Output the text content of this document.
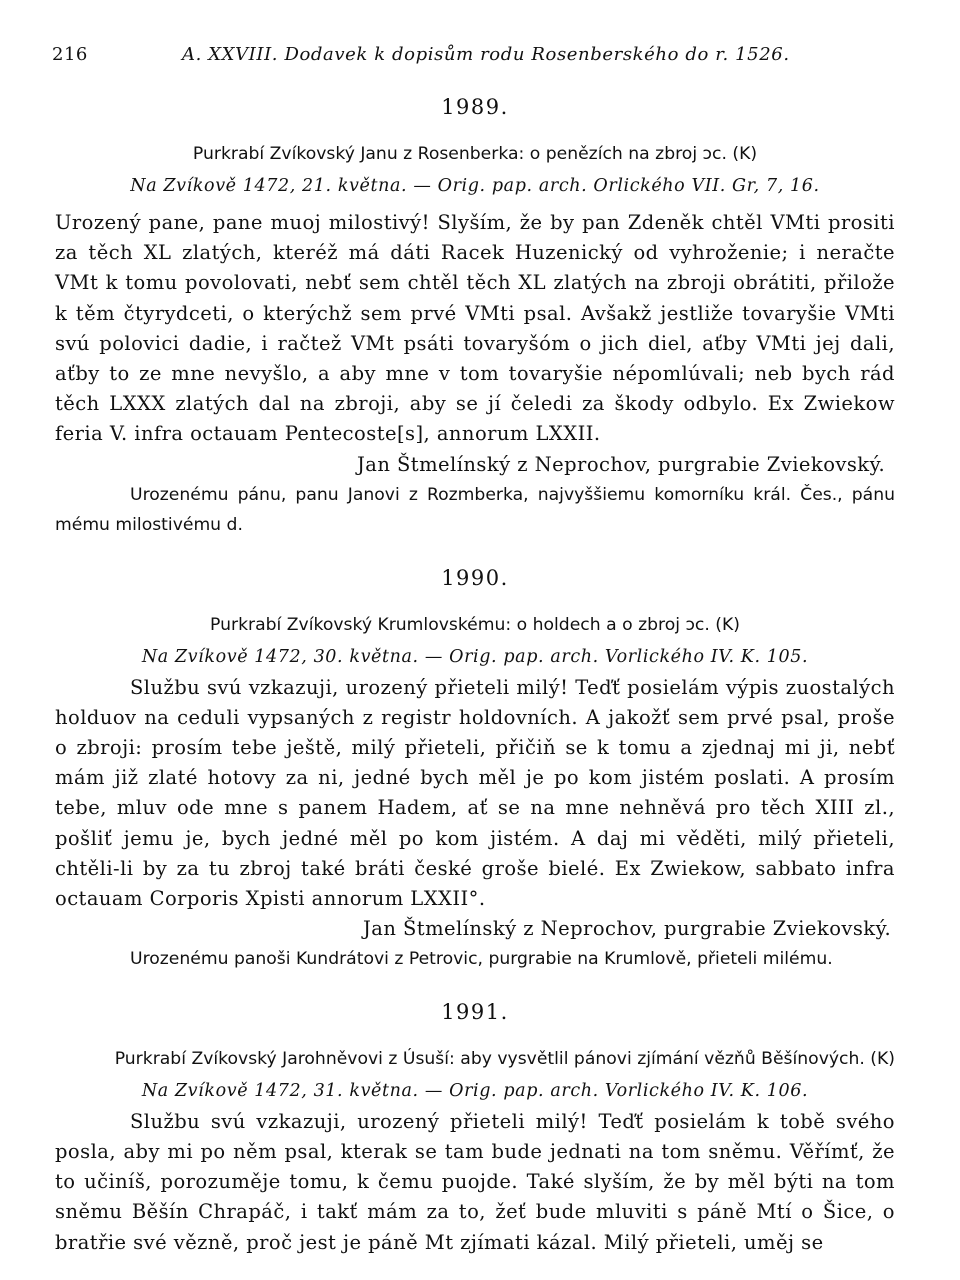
216	A. XXVIII. Dodavek k dopisům rodu Rosenberského do r. 1526.

1989.

Purkrabí Zvíkovský Janu z Rosenberka: o penězích na zbroj ɔc. (K)

Na Zvíkově 1472, 21. května. — Orig. pap. arch. Orlického VII. Gr, 7, 16.

Urozený pane, pane muoj milostivý! Slyším, že by pan Zdeněk chtěl VMti prositi za těch XL zlatých, kteréž má dáti Racek Huzenický od vyhroženie; i neračte VMt k tomu povolovati, nebť sem chtěl těch XL zlatých na zbroji obrátiti, přilože k těm čtyrydceti, o kterýchž sem prvé VMti psal. Avšakž jestliže tovaryšie VMti svú polovici dadie, i račtež VMt psáti tovaryšóm o jich diel, aťby VMti jej dali, aťby to ze mne nevyšlo, a aby mne v tom tovaryšie népomlúvali; neb bych rád těch LXXX zlatých dal na zbroji, aby se jí čeledi za škody odbylo. Ex Zwiekow feria V. infra octauam Pentecoste[s], annorum LXXII.

Jan Štmelínský z Neprochov, purgrabie Zviekovský.

Urozenému pánu, panu Janovi z Rozmberka, najvyššiemu komorníku král. Čes., pánu mému milostivému d.

1990.

Purkrabí Zvíkovský Krumlovskému: o holdech a o zbroj ɔc. (K)

Na Zvíkově 1472, 30. května. — Orig. pap. arch. Vorlického IV. K. 105.

Službu svú vzkazuji, urozený přieteli milý! Teďť posielám výpis zuostalých holduov na ceduli vypsaných z registr holdovních. A jakožť sem prvé psal, proše o zbroji: prosím tebe ještě, milý přieteli, přičiň se k tomu a zjednaj mi ji, nebť mám již zlaté hotovy za ni, jedné bych měl je po kom jistém poslati. A prosím tebe, mluv ode mne s panem Hadem, ať se na mne nehněvá pro těch XIII zl., pošliť jemu je, bych jedné měl po kom jistém. A daj mi věděti, milý přieteli, chtěli-li by za tu zbroj také bráti české groše bielé. Ex Zwiekow, sabbato infra octauam Corporis Xpisti annorum LXXII°.

Jan Štmelínský z Neprochov, purgrabie Zviekovský.

Urozenému panoši Kundrátovi z Petrovic, purgrabie na Krumlově, přieteli milému.

1991.

Purkrabí Zvíkovský Jarohněvovi z Úsuší: aby vysvětlil pánovi zjímání vězňů Běšínových. (K)

Na Zvíkově 1472, 31. května. — Orig. pap. arch. Vorlického IV. K. 106.

Službu svú vzkazuji, urozený přieteli milý! Teďť posielám k tobě svého posla, aby mi po něm psal, kterak se tam bude jednati na tom sněmu. Věřímť, že to učiníš, porozuměje tomu, k čemu puojde. Také slyším, že by měl býti na tom sněmu Běšín Chrapáč, i takť mám za to, žeť bude mluviti s páně Mtí o Šice, o bratřie své vězně, proč jest je páně Mt zjímati kázal. Milý přieteli, uměj se
